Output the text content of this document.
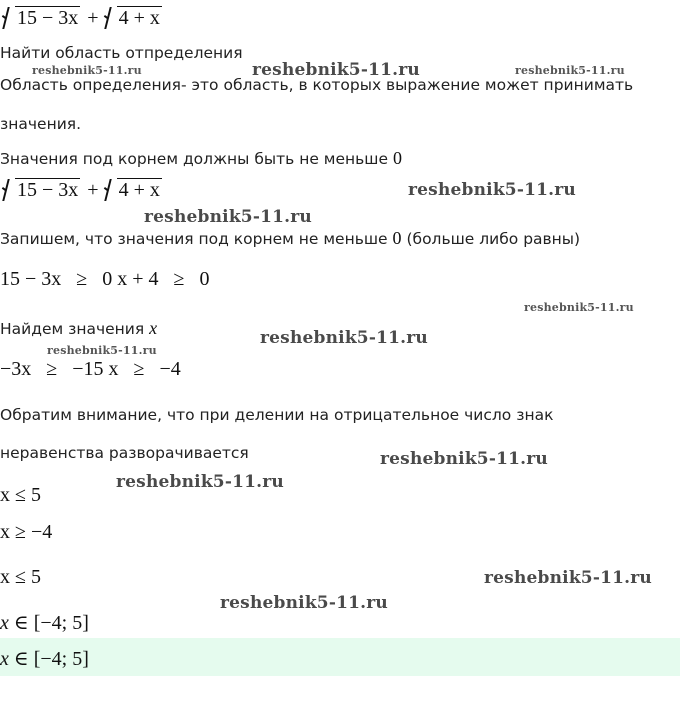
15 − 3x + 4 + x
Найти область отпределения
reshebnik5-11.ru	reshebnik5-11.ru	reshebnik5-11.ru
Область определения- это область, в которых выражение может принимать
значения.
Значения под корнем должны быть не меньше 0
15 − 3x + 4 + x	reshebnik5-11.ru
reshebnik5-11.ru
Запишем, что значения под корнем не меньше 0 (больше либо равны)
15 − 3x ≥ 0 x + 4 ≥ 0
reshebnik5-11.ru
Найдем значения x	reshebnik5-11.ru
reshebnik5-11.ru
−3x ≥ −15 x ≥ −4
Обратим внимание, что при делении на отрицательное число знак
неравенства разворачивается	reshebnik5-11.ru
x ≤ 5
reshebnik5-11.ru
x ≥ −4
x ≤ 5	reshebnik5-11.ru
reshebnik5-11.ru
x ∈ [−4; 5]
x ∈ [−4; 5]
